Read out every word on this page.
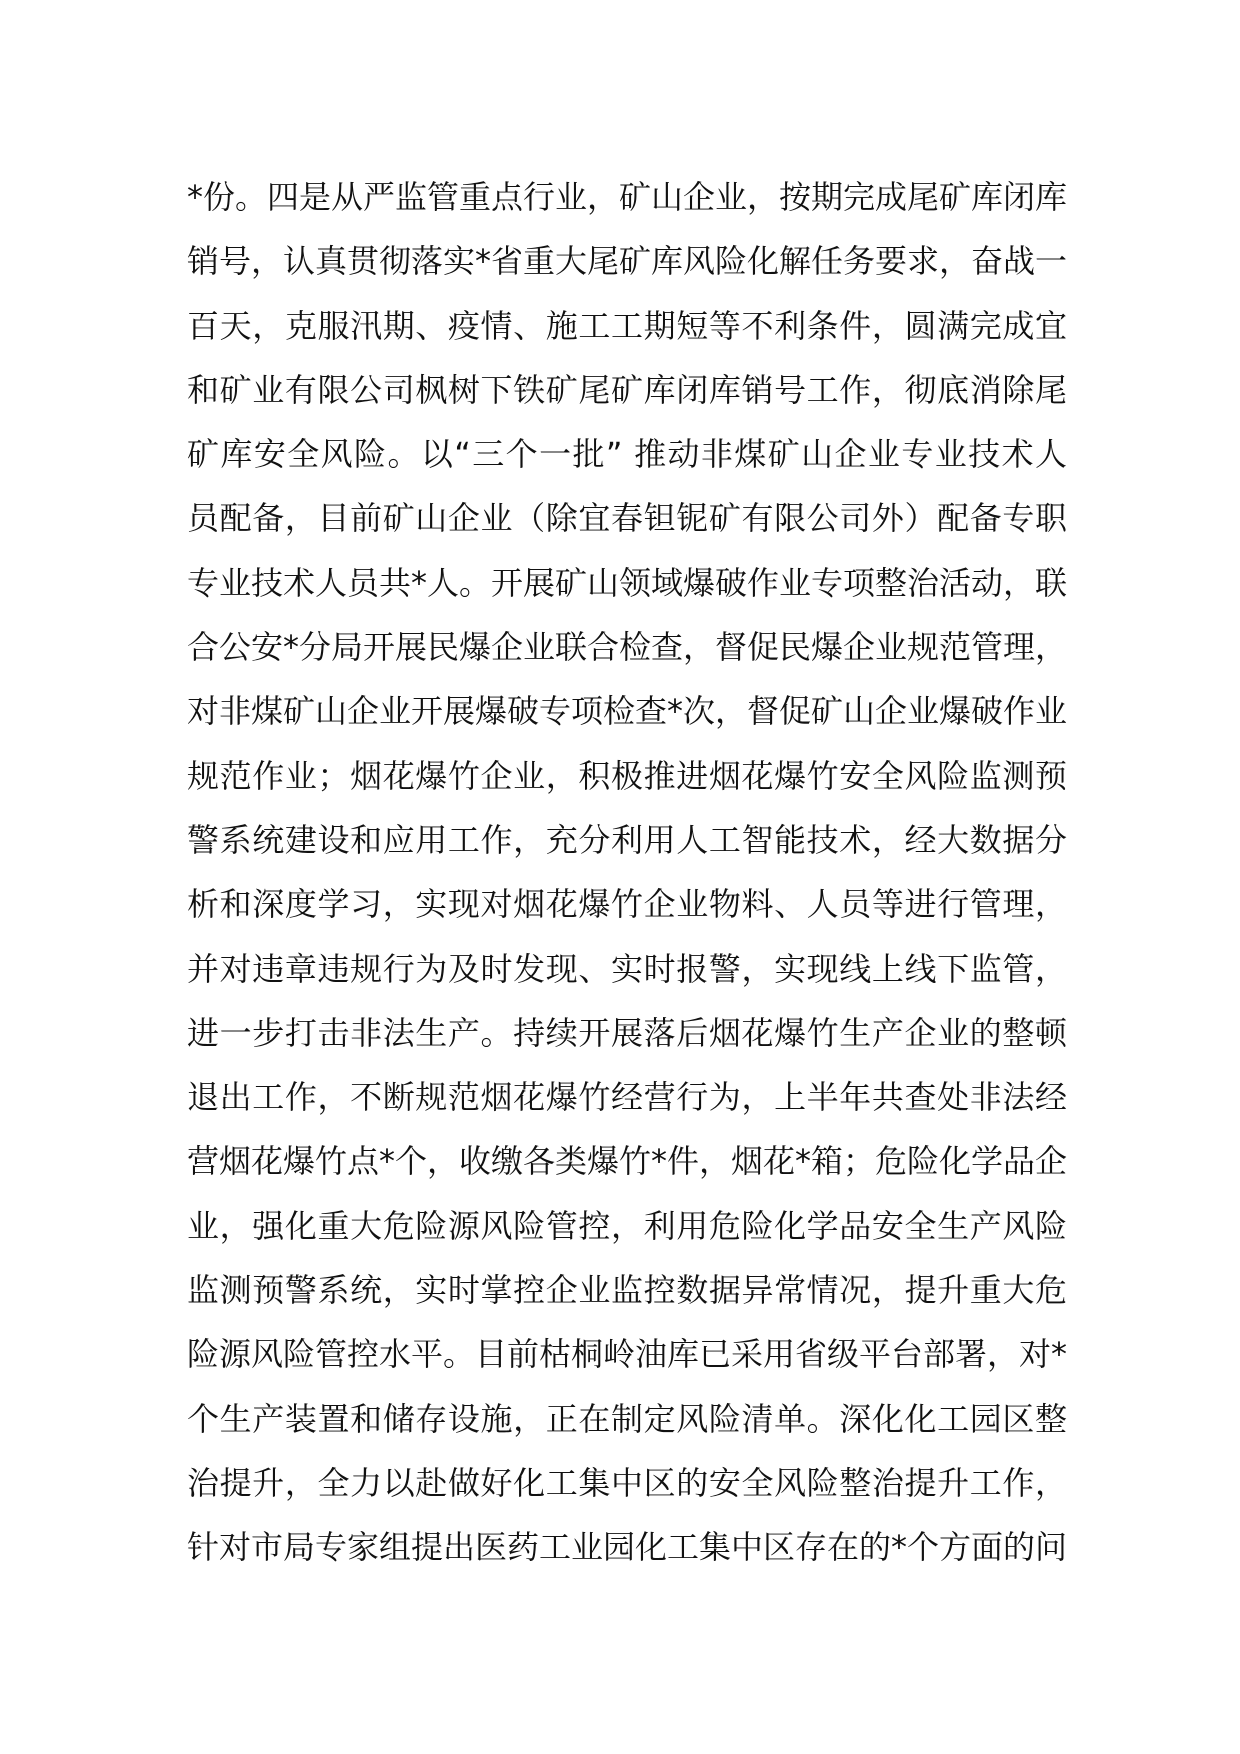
*份。四是从严监管重点行业，矿山企业，按期完成尾矿库闭库
销号，认真贯彻落实*省重大尾矿库风险化解任务要求，奋战一
百天，克服汛期、疫情、施工工期短等不利条件，圆满完成宜
和矿业有限公司枫树下铁矿尾矿库闭库销号工作，彻底消除尾
矿库安全风险。以“三个一批” 推动非煤矿山企业专业技术人
员配备，目前矿山企业（除宜春钽铌矿有限公司外）配备专职
专业技术人员共*人。开展矿山领域爆破作业专项整治活动，联
合公安*分局开展民爆企业联合检查，督促民爆企业规范管理，
对非煤矿山企业开展爆破专项检查*次，督促矿山企业爆破作业
规范作业；烟花爆竹企业，积极推进烟花爆竹安全风险监测预
警系统建设和应用工作，充分利用人工智能技术，经大数据分
析和深度学习，实现对烟花爆竹企业物料、人员等进行管理，
并对违章违规行为及时发现、实时报警，实现线上线下监管，
进一步打击非法生产。持续开展落后烟花爆竹生产企业的整顿
退出工作，不断规范烟花爆竹经营行为，上半年共查处非法经
营烟花爆竹点*个，收缴各类爆竹*件，烟花*箱；危险化学品企
业，强化重大危险源风险管控，利用危险化学品安全生产风险
监测预警系统，实时掌控企业监控数据异常情况，提升重大危
险源风险管控水平。目前枯桐岭油库已采用省级平台部署，对*
个生产装置和储存设施，正在制定风险清单。深化化工园区整
治提升，全力以赴做好化工集中区的安全风险整治提升工作，
针对市局专家组提出医药工业园化工集中区存在的*个方面的问
